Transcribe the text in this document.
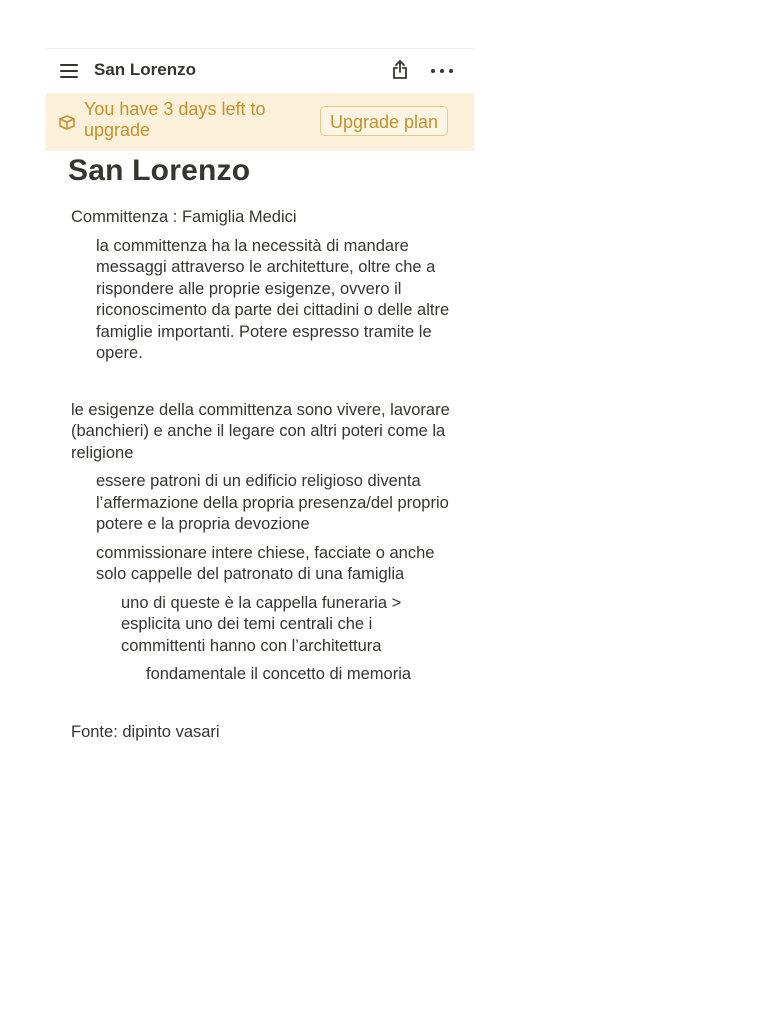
San Lorenzo
You have 3 days left to upgrade	Upgrade plan
San Lorenzo

Committenza : Famiglia Medici

la committenza ha la necessità di mandare messaggi attraverso le architetture, oltre che a rispondere alle proprie esigenze, ovvero il riconoscimento da parte dei cittadini o delle altre famiglie importanti. Potere espresso tramite le opere.

le esigenze della committenza sono vivere, lavorare (banchieri) e anche il legare con altri poteri come la religione

essere patroni di un edificio religioso diventa l’affermazione della propria presenza/del proprio potere e la propria devozione

commissionare intere chiese, facciate o anche solo cappelle del patronato di una famiglia

uno di queste è la cappella funeraria > esplicita uno dei temi centrali che i committenti hanno con l’architettura

fondamentale il concetto di memoria

Fonte: dipinto vasari
